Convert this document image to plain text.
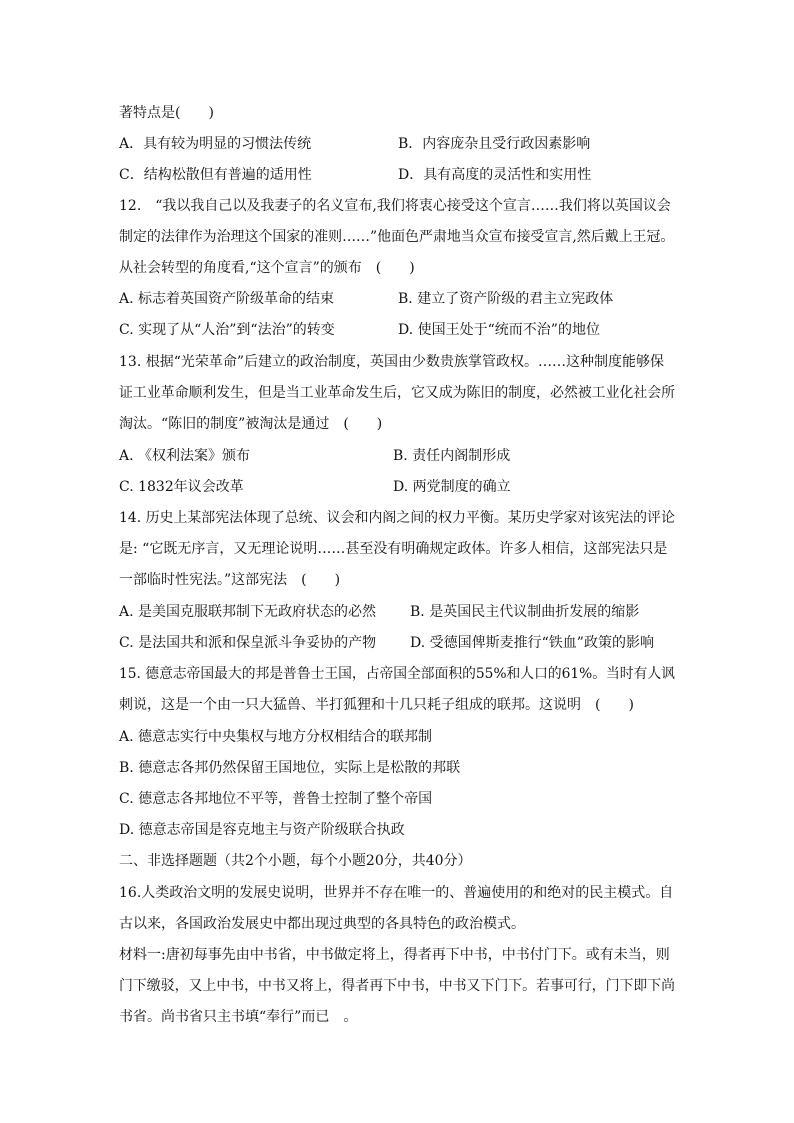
著特点是(　　)
A．具有较为明显的习惯法传统	B．内容庞杂且受行政因素影响
C．结构松散但有普遍的适用性	D．具有高度的灵活性和实用性
12.　“我以我自己以及我妻子的名义宣布,我们将衷心接受这个宣言……我们将以英国议会
制定的法律作为治理这个国家的准则……”他面色严肃地当众宣布接受宣言,然后戴上王冠。
从社会转型的角度看,“这个宣言”的颁布　(　　)
A. 标志着英国资产阶级革命的结束	B. 建立了资产阶级的君主立宪政体
C. 实现了从“人治”到“法治”的转变	D. 使国王处于“统而不治”的地位
13. 根据“光荣革命”后建立的政治制度，英国由少数贵族掌管政权。……这种制度能够保
证工业革命顺利发生，但是当工业革命发生后，它又成为陈旧的制度，必然被工业化社会所
淘汰。“陈旧的制度”被淘汰是通过　(　　)
A. 《权利法案》颁布	B. 责任内阁制形成
C. 1832年议会改革	D. 两党制度的确立
14. 历史上某部宪法体现了总统、议会和内阁之间的权力平衡。某历史学家对该宪法的评论
是: “它既无序言，又无理论说明……甚至没有明确规定政体。许多人相信，这部宪法只是
一部临时性宪法。”这部宪法　(　　)
A. 是美国克服联邦制下无政府状态的必然 B. 是英国民主代议制曲折发展的缩影
C. 是法国共和派和保皇派斗争妥协的产物 D. 受德国俾斯麦推行“铁血”政策的影响
15. 德意志帝国最大的邦是普鲁士王国，占帝国全部面积的55%和人口的61%。当时有人讽
刺说，这是一个由一只大猛兽、半打狐狸和十几只耗子组成的联邦。这说明　(　　)
A. 德意志实行中央集权与地方分权相结合的联邦制
B. 德意志各邦仍然保留王国地位，实际上是松散的邦联
C. 德意志各邦地位不平等，普鲁士控制了整个帝国
D. 德意志帝国是容克地主与资产阶级联合执政
二、非选择题题（共2个小题，每个小题20分，共40分）
16.人类政治文明的发展史说明，世界并不存在唯一的、普遍使用的和绝对的民主模式。自
古以来，各国政治发展史中都出现过典型的各具特色的政治模式。
材料一:唐初每事先由中书省，中书做定将上，得者再下中书，中书付门下。或有未当，则
门下缴驳，又上中书，中书又将上，得者再下中书，中书又下门下。若事可行，门下即下尚
书省。尚书省只主书填“奉行”而已　。
